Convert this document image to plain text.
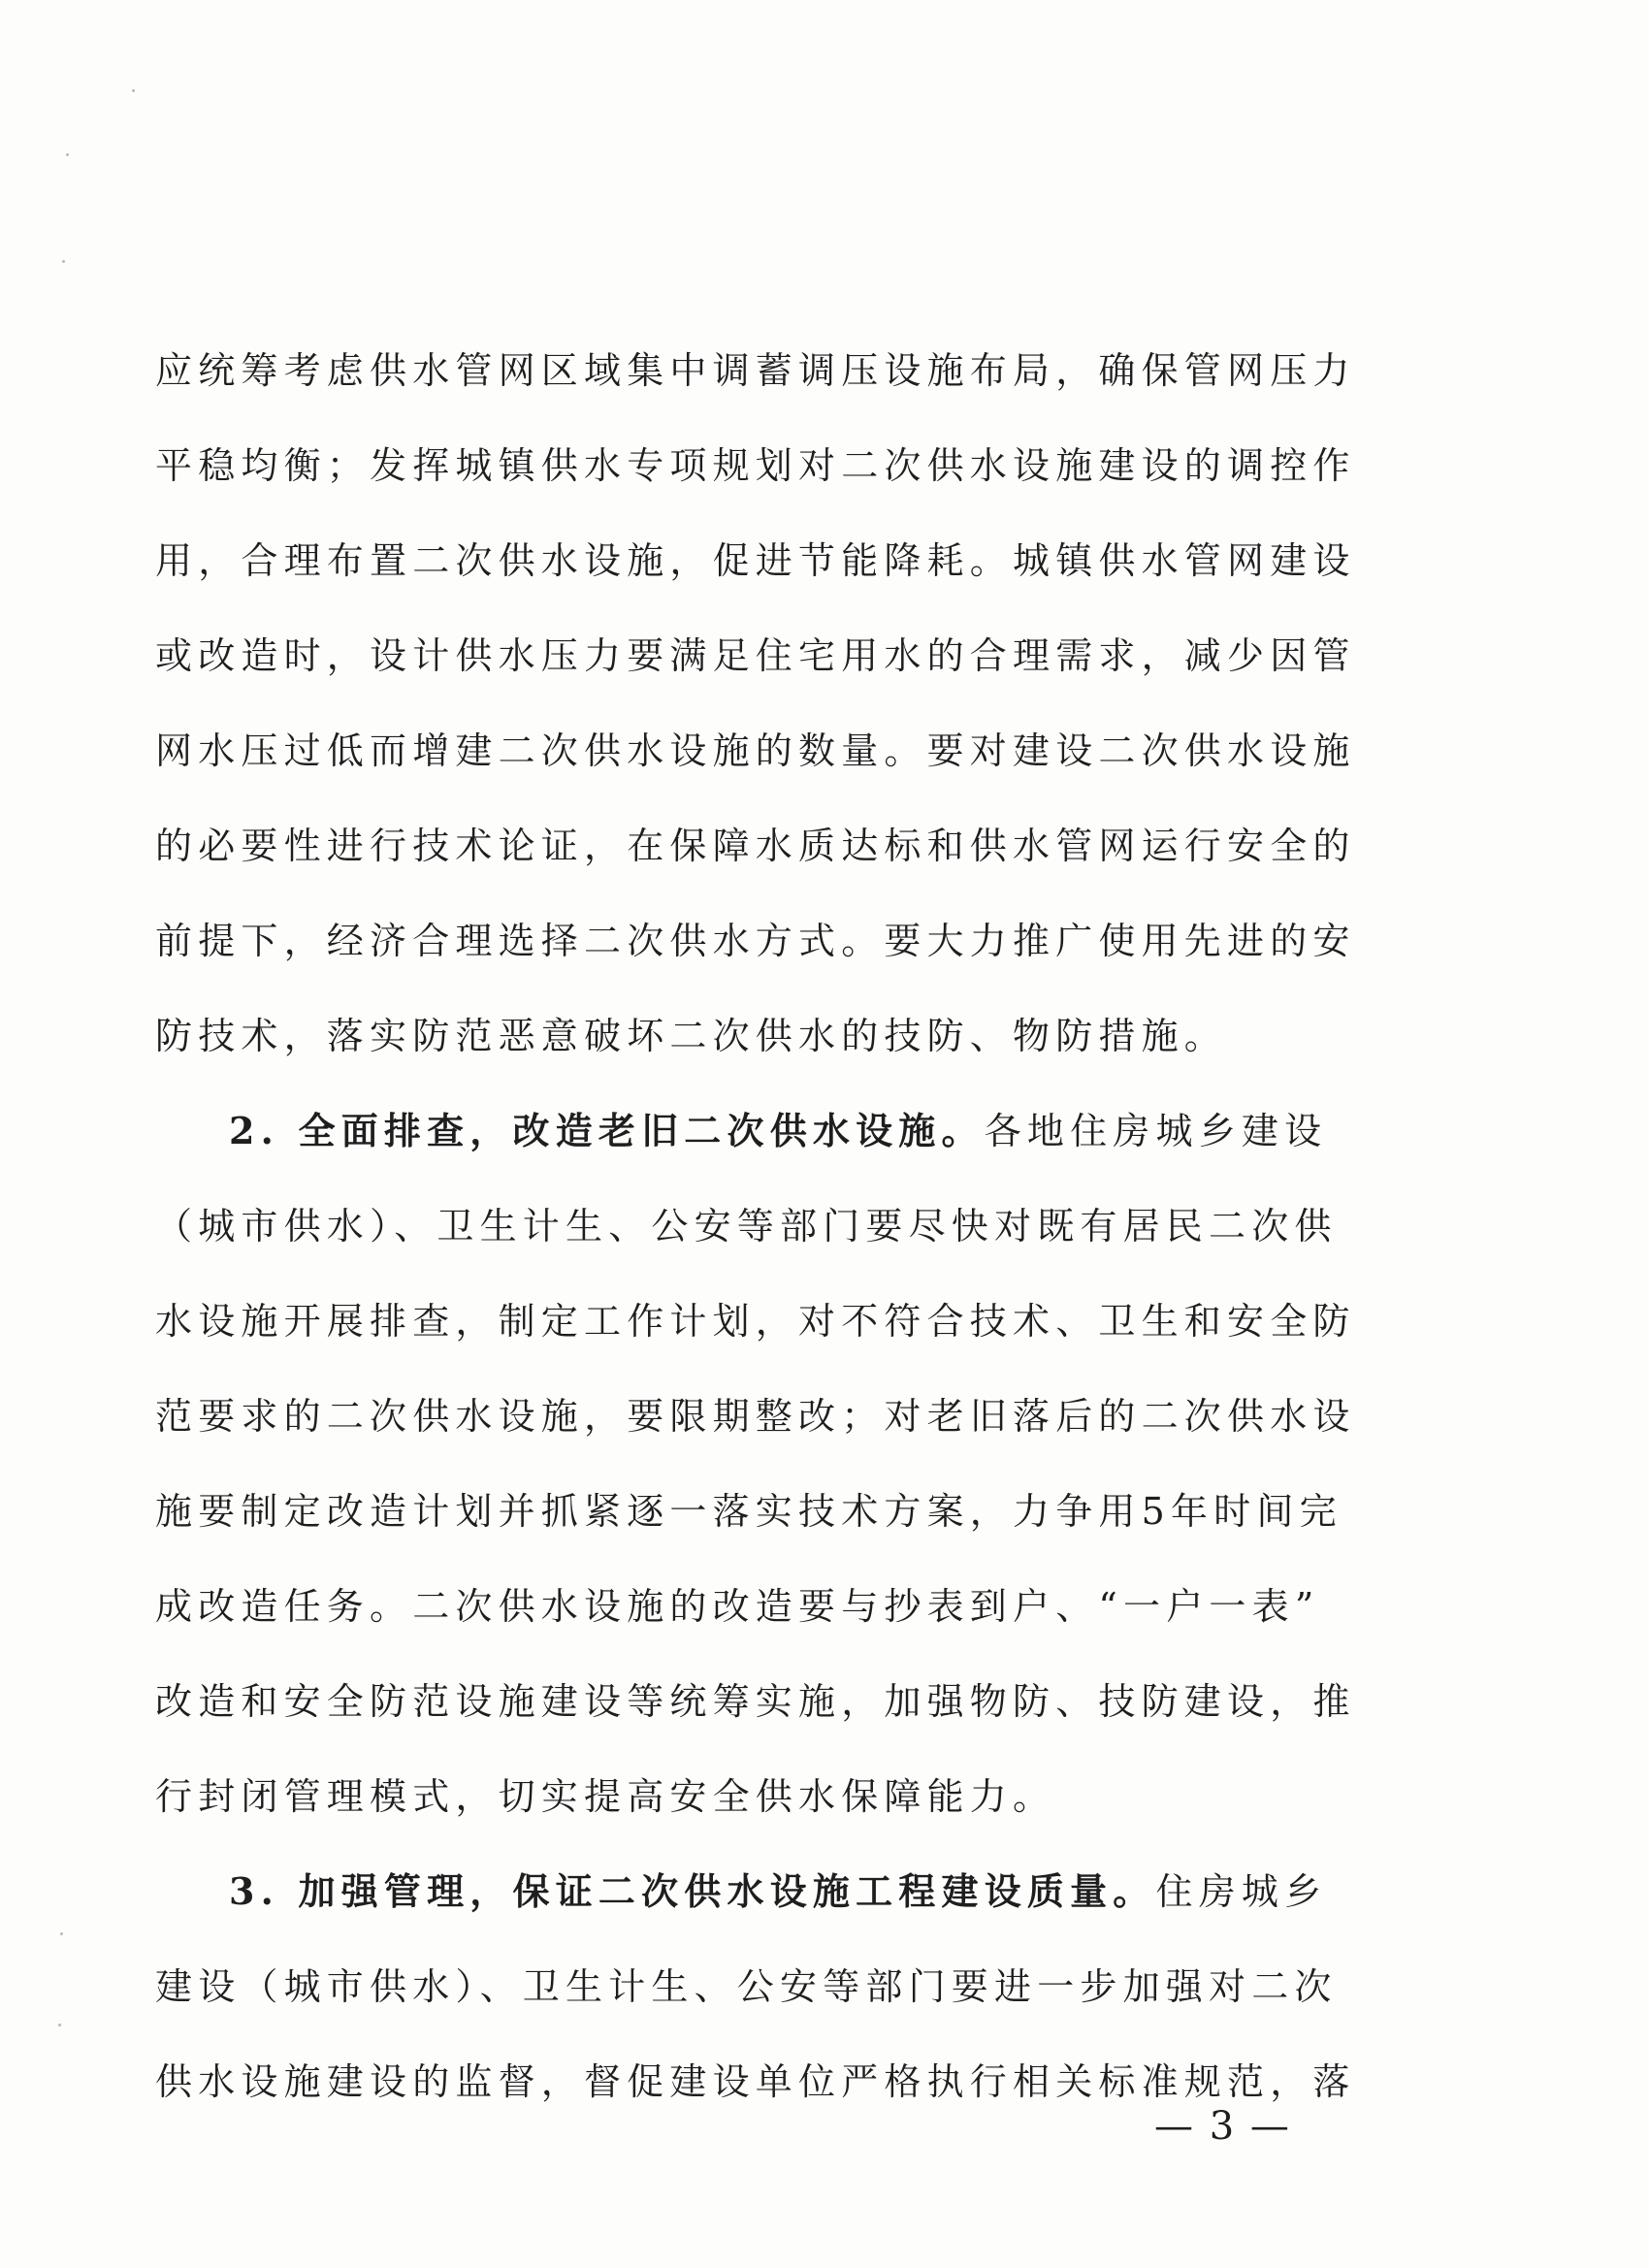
应统筹考虑供水管网区域集中调蓄调压设施布局，确保管网压力
平稳均衡；发挥城镇供水专项规划对二次供水设施建设的调控作
用，合理布置二次供水设施，促进节能降耗。城镇供水管网建设
或改造时，设计供水压力要满足住宅用水的合理需求，减少因管
网水压过低而增建二次供水设施的数量。要对建设二次供水设施
的必要性进行技术论证，在保障水质达标和供水管网运行安全的
前提下，经济合理选择二次供水方式。要大力推广使用先进的安
防技术，落实防范恶意破坏二次供水的技防、物防措施。
2. 全面排查，改造老旧二次供水设施。各地住房城乡建设
（城市供水）、卫生计生、公安等部门要尽快对既有居民二次供
水设施开展排查，制定工作计划，对不符合技术、卫生和安全防
范要求的二次供水设施，要限期整改；对老旧落后的二次供水设
施要制定改造计划并抓紧逐一落实技术方案，力争用5年时间完
成改造任务。二次供水设施的改造要与抄表到户、“一户一表”
改造和安全防范设施建设等统筹实施，加强物防、技防建设，推
行封闭管理模式，切实提高安全供水保障能力。
3. 加强管理，保证二次供水设施工程建设质量。住房城乡
建设（城市供水）、卫生计生、公安等部门要进一步加强对二次
供水设施建设的监督，督促建设单位严格执行相关标准规范，落
— 3 —
